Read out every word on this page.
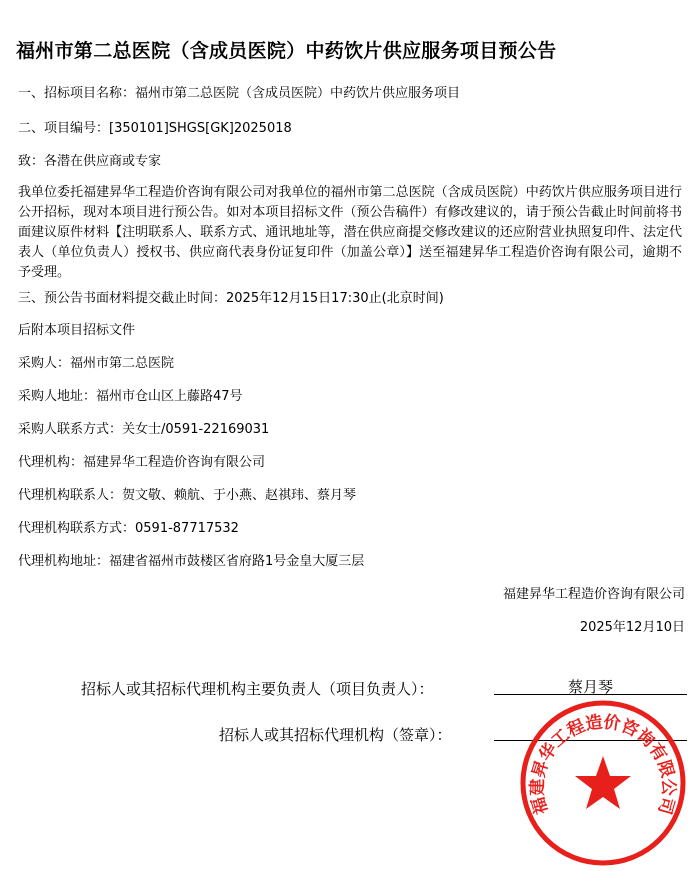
福州市第二总医院（含成员医院）中药饮片供应服务项目预公告
一、招标项目名称：福州市第二总医院（含成员医院）中药饮片供应服务项目
二、项目编号：[350101]SHGS[GK]2025018
致：各潜在供应商或专家
我单位委托福建昇华工程造价咨询有限公司对我单位的福州市第二总医院（含成员医院）中药饮片供应服务项目进行公开招标，现对本项目进行预公告。如对本项目招标文件（预公告稿件）有修改建议的，请于预公告截止时间前将书面建议原件材料【注明联系人、联系方式、通讯地址等，潜在供应商提交修改建议的还应附营业执照复印件、法定代表人（单位负责人）授权书、供应商代表身份证复印件（加盖公章）】送至福建昇华工程造价咨询有限公司，逾期不予受理。
三、预公告书面材料提交截止时间：2025年12月15日17:30止(北京时间)
后附本项目招标文件
采购人：福州市第二总医院
采购人地址：福州市仓山区上藤路47号
采购人联系方式：关女士/0591-22169031
代理机构：福建昇华工程造价咨询有限公司
代理机构联系人：贺文敬、赖航、于小燕、赵祺玮、蔡月琴
代理机构联系方式：0591-87717532
代理机构地址：福建省福州市鼓楼区省府路1号金皇大厦三层
福建昇华工程造价咨询有限公司
2025年12月10日
招标人或其招标代理机构主要负责人（项目负责人）：	蔡月琴
招标人或其招标代理机构（签章）：
福建昇华工程造价咨询有限公司
